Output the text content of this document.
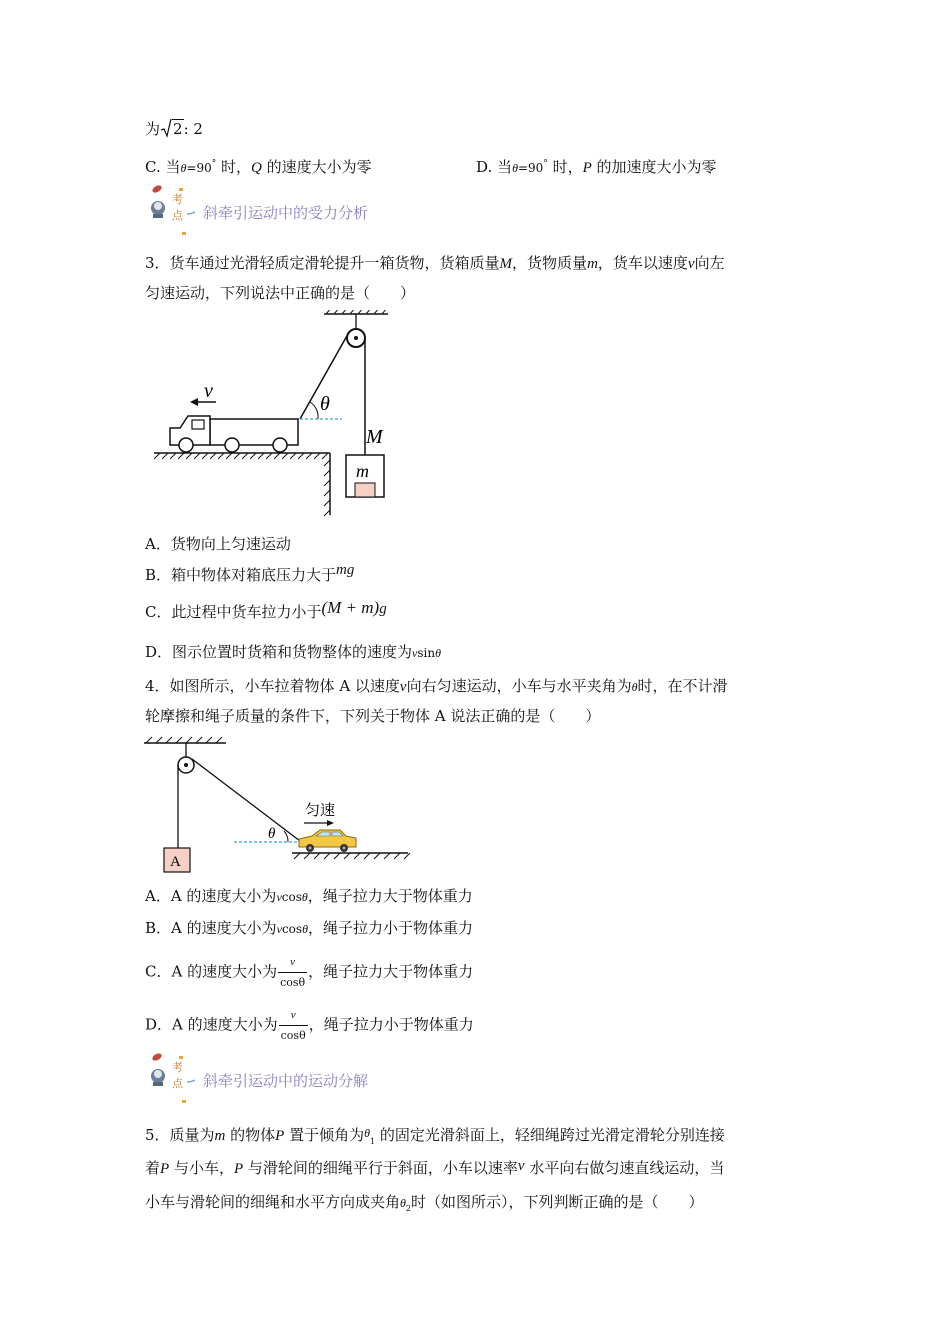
为 2: 2
C. 当θ=90° 时，Q 的速度大小为零	D. 当θ=90° 时，P 的加速度大小为零
考
点 斜牵引运动中的受力分析
3．货车通过光滑轻质定滑轮提升一箱货物，货箱质量M，货物质量m，货车以速度v向左
匀速运动，下列说法中正确的是（　　）
θ
M
m
v
A．货物向上匀速运动
B．箱中物体对箱底压力大于mg
C．此过程中货车拉力小于(M + m)g
D．图示位置时货箱和货物整体的速度为vsinθ
4．如图所示，小车拉着物体 A 以速度v向右匀速运动，小车与水平夹角为θ时，在不计滑
轮摩擦和绳子质量的条件下，下列关于物体 A 说法正确的是（　　）
A
θ
匀速
A．A 的速度大小为vcosθ，绳子拉力大于物体重力
B．A 的速度大小为vcosθ，绳子拉力小于物体重力
C．A 的速度大小为 $\frac{v}{\cos\theta}$ ，绳子拉力大于物体重力
D．A 的速度大小为 $\frac{v}{\cos\theta}$ ，绳子拉力小于物体重力
考
点 斜牵引运动中的运动分解
5．质量为m 的物体P 置于倾角为$^\theta_1$ 的固定光滑斜面上，轻细绳跨过光滑定滑轮分别连接
着P 与小车，P 与滑轮间的细绳平行于斜面，小车以速率v 水平向右做匀速直线运动，当
小车与滑轮间的细绳和水平方向成夹角$\theta_2$时（如图所示），下列判断正确的是（　　）
